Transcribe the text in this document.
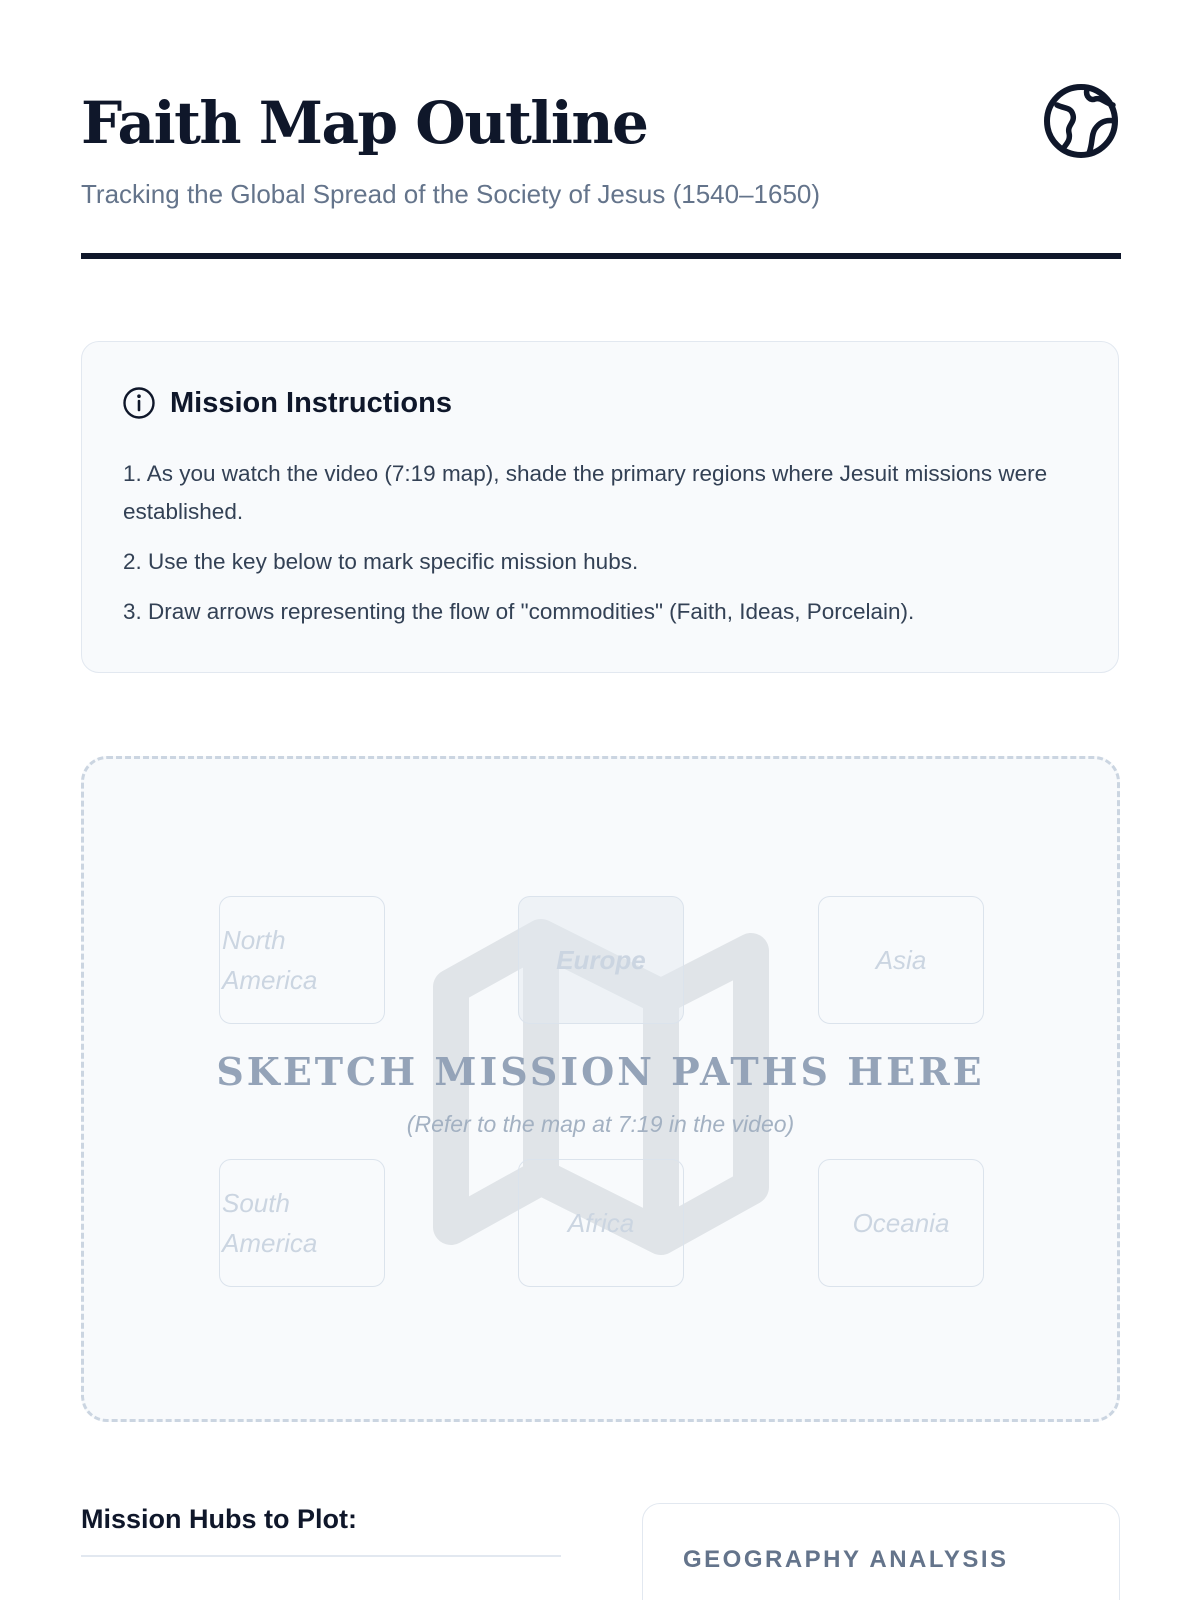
Faith Map Outline
Tracking the Global Spread of the Society of Jesus (1540–1650)
Mission Instructions
1. As you watch the video (7:19 map), shade the primary regions where Jesuit missions were established.
2. Use the key below to mark specific mission hubs.
3. Draw arrows representing the flow of "commodities" (Faith, Ideas, Porcelain).
North America
Europe	Asia
SKETCH MISSION PATHS HERE
(Refer to the map at 7:19 in the video)
South America
Africa	Oceania
Mission Hubs to Plot:
GEOGRAPHY ANALYSIS
